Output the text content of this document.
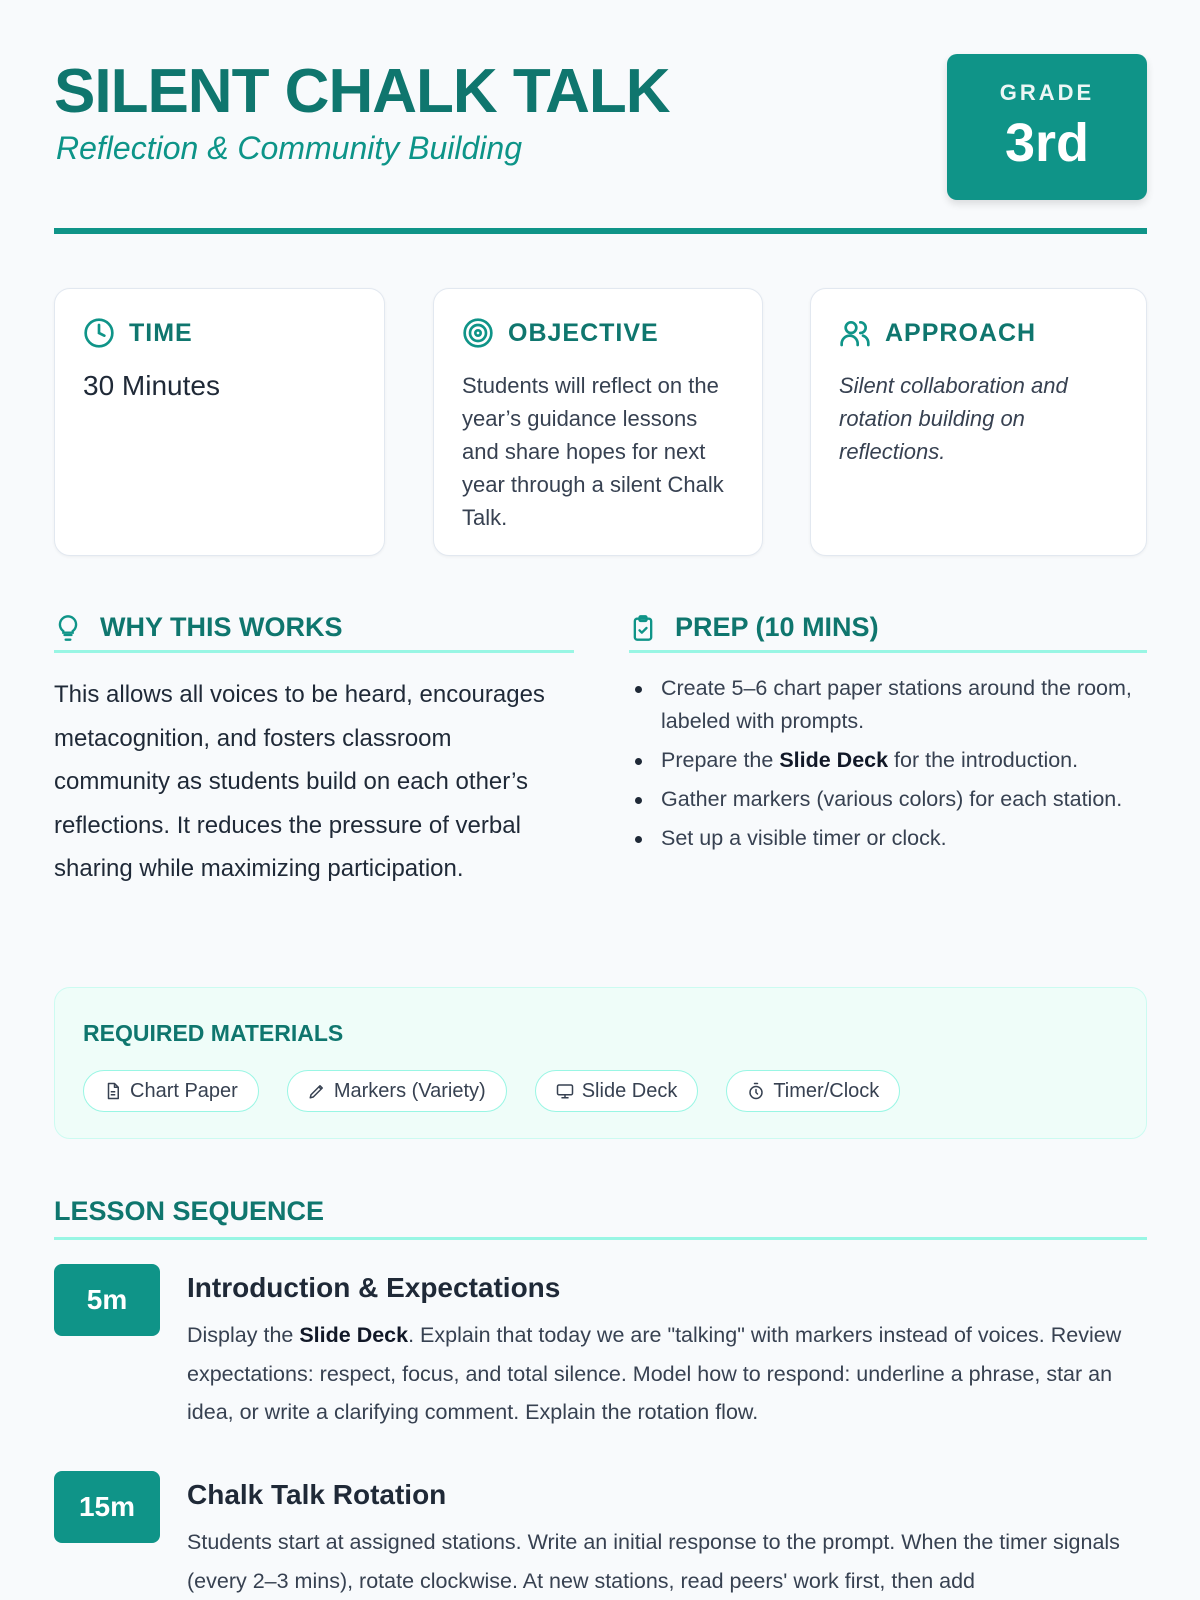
SILENT CHALK TALK
Reflection & Community Building
GRADE
3rd
TIME
30 Minutes
OBJECTIVE
Students will reflect on the year’s guidance lessons and share hopes for next year through a silent Chalk Talk.
APPROACH
Silent collaboration and rotation building on reflections.
WHY THIS WORKS
This allows all voices to be heard, encourages metacognition, and fosters classroom community as students build on each other’s reflections. It reduces the pressure of verbal sharing while maximizing participation.
PREP (10 MINS)
Create 5–6 chart paper stations around the room, labeled with prompts.
Prepare the Slide Deck for the introduction.
Gather markers (various colors) for each station.
Set up a visible timer or clock.
REQUIRED MATERIALS
Chart Paper	Markers (Variety)	Slide Deck	Timer/Clock
LESSON SEQUENCE
5m	Introduction & Expectations
Display the Slide Deck. Explain that today we are "talking" with markers instead of voices. Review expectations: respect, focus, and total silence. Model how to respond: underline a phrase, star an idea, or write a clarifying comment. Explain the rotation flow.
15m	Chalk Talk Rotation
Students start at assigned stations. Write an initial response to the prompt. When the timer signals (every 2–3 mins), rotate clockwise. At new stations, read peers' work first, then add
